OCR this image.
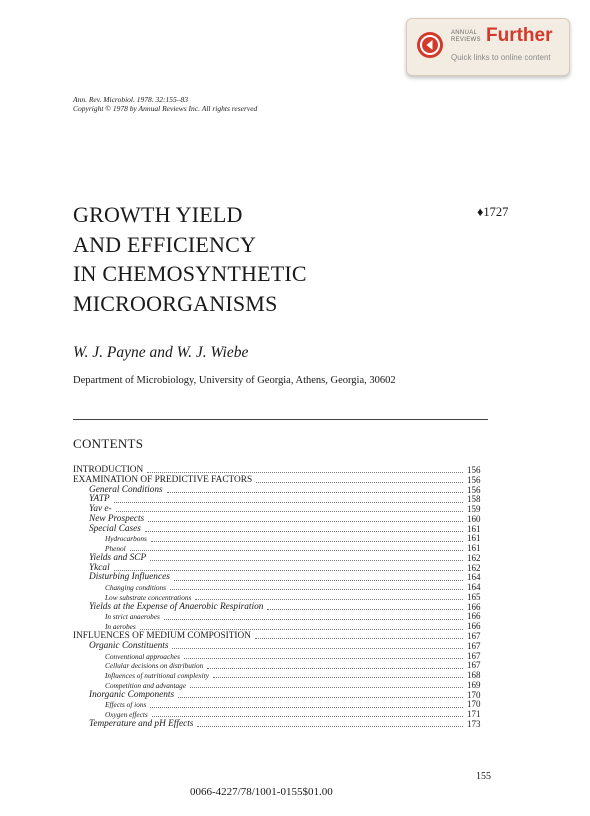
ANNUAL
REVIEWS Further
Quick links to online content
Ann. Rev. Microbiol. 1978. 32:155–83
Copyright © 1978 by Annual Reviews Inc. All rights reserved
GROWTH YIELD
AND EFFICIENCY
IN CHEMOSYNTHETIC
MICROORGANISMS
♦1727
W. J. Payne and W. J. Wiebe
Department of Microbiology, University of Georgia, Athens, Georgia, 30602
CONTENTS
INTRODUCTION	156
EXAMINATION OF PREDICTIVE FACTORS	156
General Conditions	156
YATP	158
Yav e-	159
New Prospects	160
Special Cases	161
Hydrocarbons	161
Phenol	161
Yields and SCP	162
Ykcal	162
Disturbing Influences	164
Changing conditions	164
Low substrate concentrations	165
Yields at the Expense of Anaerobic Respiration	166
In strict anaerobes	166
In aerobes	166
INFLUENCES OF MEDIUM COMPOSITION	167
Organic Constituents	167
Conventional approaches	167
Cellular decisions on distribution	167
Influences of nutritional complexity	168
Competition and advantage	169
Inorganic Components	170
Effects of ions	170
Oxygen effects	171
Temperature and pH Effects	173
155
0066-4227/78/1001-0155$01.00
